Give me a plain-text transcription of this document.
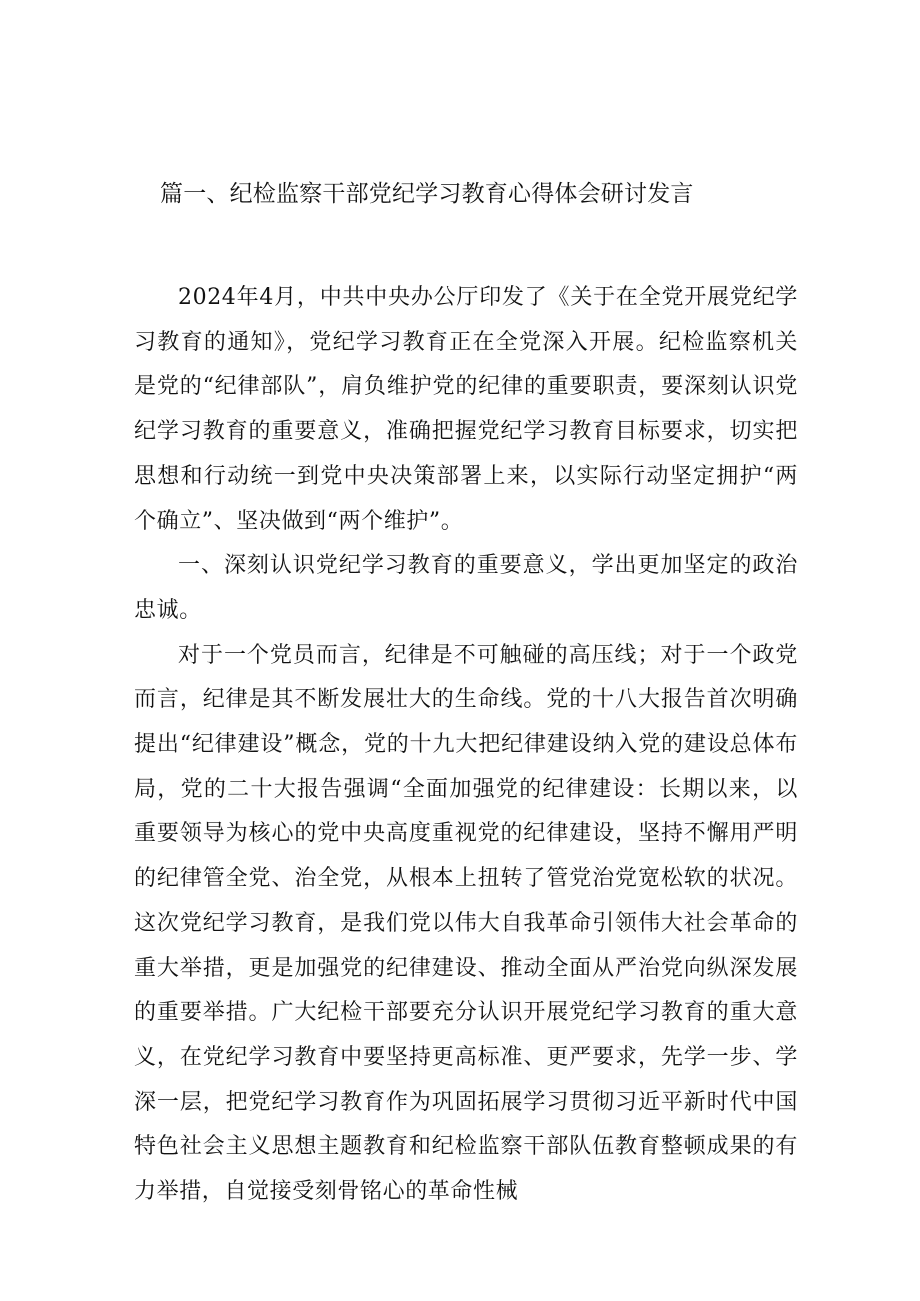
篇一、纪检监察干部党纪学习教育心得体会研讨发言

2024年4月，中共中央办公厅印发了《关于在全党开展党纪学习教育的通知》，党纪学习教育正在全党深入开展。纪检监察机关是党的“纪律部队”，肩负维护党的纪律的重要职责，要深刻认识党纪学习教育的重要意义，准确把握党纪学习教育目标要求，切实把思想和行动统一到党中央决策部署上来，以实际行动坚定拥护“两个确立”、坚决做到“两个维护”。

一、深刻认识党纪学习教育的重要意义，学出更加坚定的政治忠诚。

对于一个党员而言，纪律是不可触碰的高压线；对于一个政党而言，纪律是其不断发展壮大的生命线。党的十八大报告首次明确提出“纪律建设”概念，党的十九大把纪律建设纳入党的建设总体布局，党的二十大报告强调“全面加强党的纪律建设：长期以来，以重要领导为核心的党中央高度重视党的纪律建设，坚持不懈用严明的纪律管全党、治全党，从根本上扭转了管党治党宽松软的状况。这次党纪学习教育，是我们党以伟大自我革命引领伟大社会革命的重大举措，更是加强党的纪律建设、推动全面从严治党向纵深发展的重要举措。广大纪检干部要充分认识开展党纪学习教育的重大意义，在党纪学习教育中要坚持更高标准、更严要求，先学一步、学深一层，把党纪学习教育作为巩固拓展学习贯彻习近平新时代中国特色社会主义思想主题教育和纪检监察干部队伍教育整顿成果的有力举措，自觉接受刻骨铭心的革命性械
